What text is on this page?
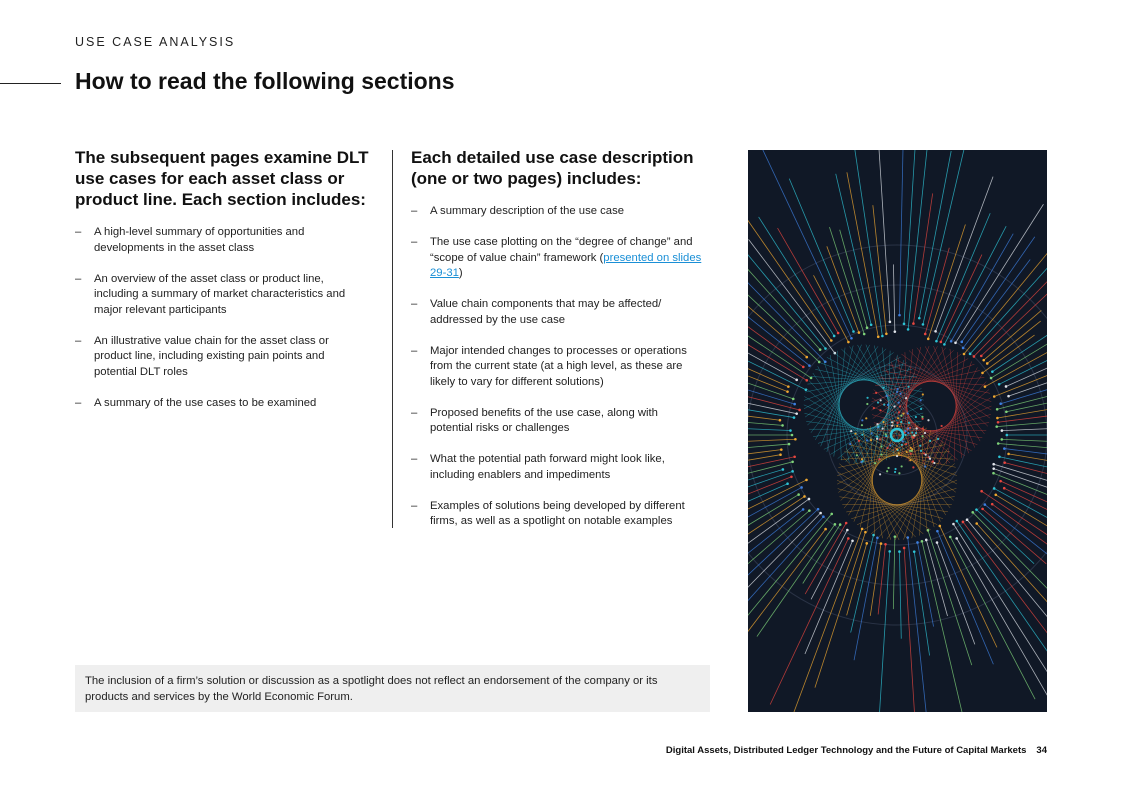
USE CASE ANALYSIS
How to read the following sections
The subsequent pages examine DLT
use cases for each asset class or
product line. Each section includes:
– A high-level summary of opportunities and
developments in the asset class
– An overview of the asset class or product line,
including a summary of market characteristics and
major relevant participants
– An illustrative value chain for the asset class or
product line, including existing pain points and
potential DLT roles
– A summary of the use cases to be examined
Each detailed use case description
(one or two pages) includes:
– A summary description of the use case
– The use case plotting on the “degree of change” and
“scope of value chain” framework (presented on slides
29-31)
– Value chain components that may be affected/
addressed by the use case
– Major intended changes to processes or operations
from the current state (at a high level, as these are
likely to vary for different solutions)
– Proposed benefits of the use case, along with
potential risks or challenges
– What the potential path forward might look like,
including enablers and impediments
– Examples of solutions being developed by different
firms, as well as a spotlight on notable examples
The inclusion of a firm’s solution or discussion as a spotlight does not reflect an endorsement of the company or its
products and services by the World Economic Forum.
Digital Assets, Distributed Ledger Technology and the Future of Capital Markets 34
